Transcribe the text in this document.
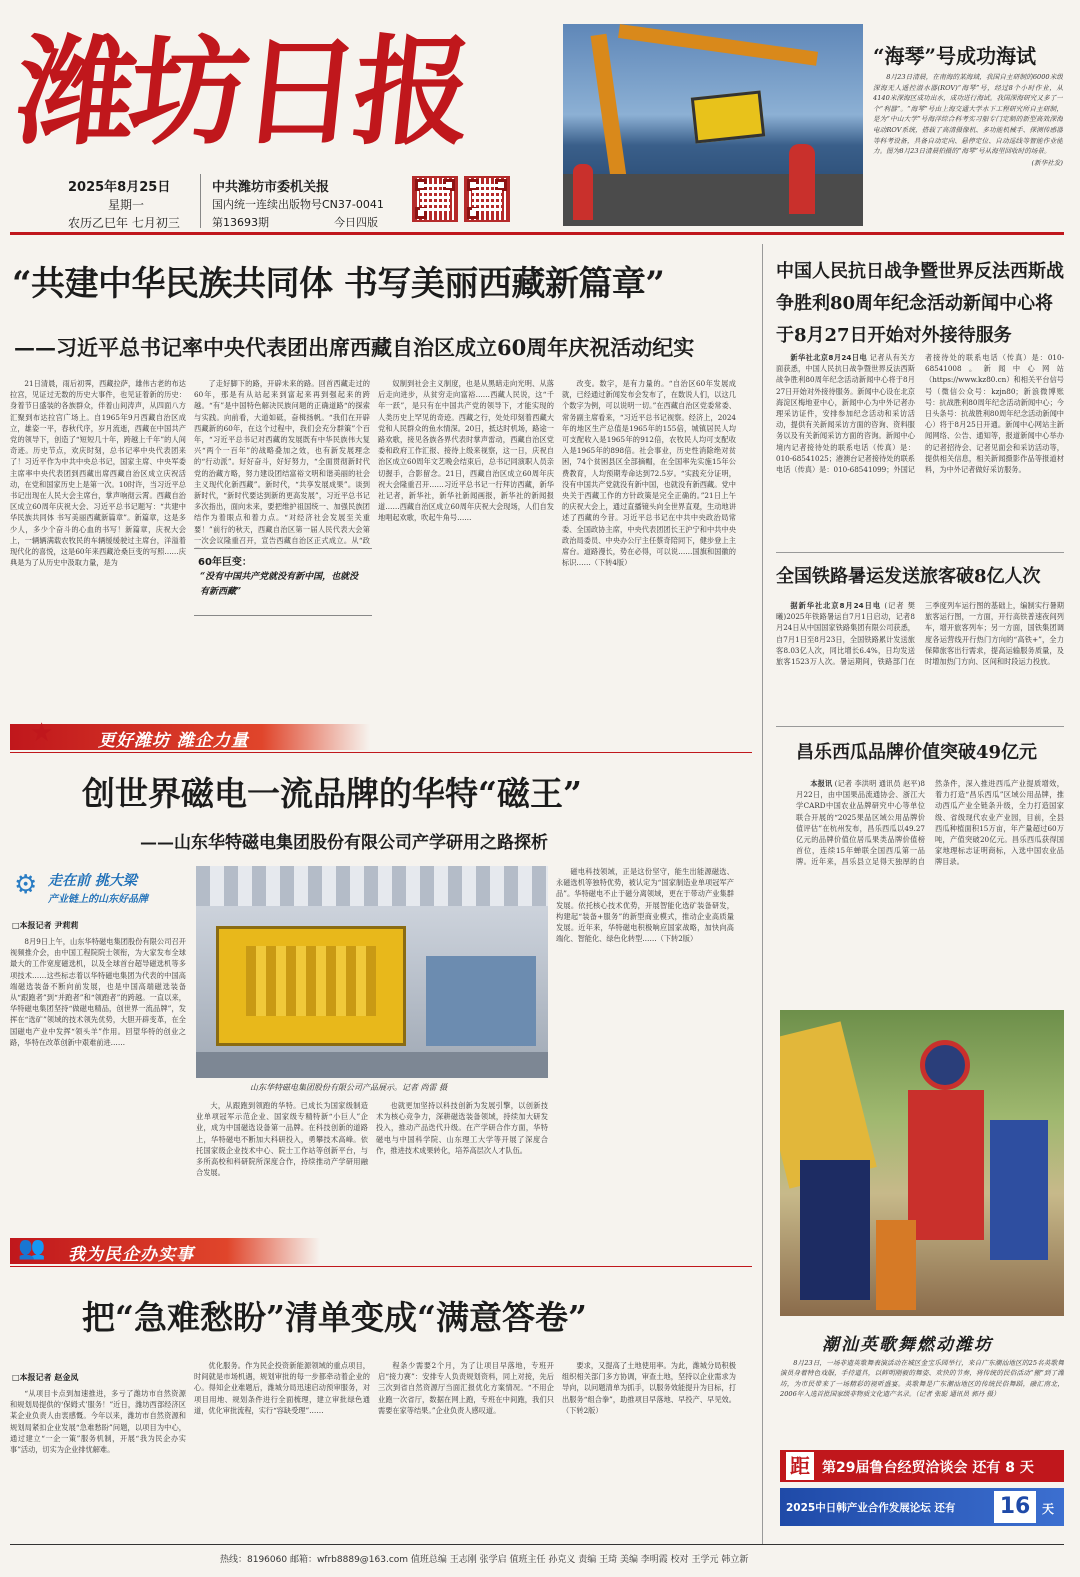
潍坊日报
2025年8月25日
星期一
农历乙巳年 七月初三
中共潍坊市委机关报
国内统一连续出版物号CN37-0041
第13693期	今日四版
“海琴”号成功海试

8月23日清晨，在南海的某海域，我国自主研制的6000米级深海无人遥控潜水器(ROV)“海琴”号，经过8个小时作业，从4140米深海区成功出水，成功进行海试。我国深海研究又多了一个“利器”。“海琴”号由上海交通大学水下工程研究所自主研制，是为“中山大学”号海洋综合科考实习船专门定制的新型高效深海电动ROV系统，搭载了高清摄像机、多功能机械手、探测传感器等科考设备，具备自动定向、悬停定位、自动巡线等智能作业能力。图为8月23日清晨拍摄的“海琴”号从海里回收时的场景。

(新华社发)

“共建中华民族共同体 书写美丽西藏新篇章”
——习近平总书记率中央代表团出席西藏自治区成立60周年庆祝活动纪实

21日清晨，雨后初霁，西藏拉萨，雄伟古老的布达拉宫，见证过无数的历史大事件，也见证着新的历史：身着节日盛装的各族群众，伴着山间涛声，从四面八方汇聚到布达拉宫广场上。自1965年9月西藏自治区成立，雄姿一平，春秋代序，岁月流逝，西藏在中国共产党的领导下，创造了“短短几十年，跨越上千年”的人间奇迹。历史节点，欢庆时刻，总书记率中央代表团来了！习近平作为中共中央总书记，国家主席、中央军委主席率中央代表团到西藏出席西藏自治区成立庆祝活动，在党和国家历史上是第一次。10时许，当习近平总书记出现在人民大会主席台，掌声响彻云霄。西藏自治区成立60周年庆祝大会、习近平总书记题写：“共建中华民族共同体 书写美丽西藏新篇章”。新篇章，这是多少人，多少个奋斗的心血的书写！新篇章，庆祝大会上，一辆辆满载农牧民的车辆缓缓驶过主席台，洋溢着现代化的喜悦，这是60年来西藏沧桑巨变的写照……庆典是为了从历史中汲取力量，是为

了走好脚下的路，开辟未来的路。回首西藏走过的60年，那是有从站起来到富起来再到强起来的跨越。“有”是中国特色解决民族问题的正确道路“的探索与实践。向前看，大道如砥，奋楫扬帆。“我们在开辟西藏新的60年，在这个过程中，我们会充分群策”个百年，“习近平总书记对西藏的发展既有中华民族伟大复兴“两个一百年”的战略叠加之效，也有新发展理念的“行动派”。好好奋斗，好好努力，“全面贯彻新时代党的治藏方略，努力建设团结富裕文明和谐美丽的社会主义现代化新西藏”。新时代，“共享发展成果”。谈到新时代，“新时代要达到新的更高发展”，习近平总书记多次指出，面向未来，要把维护祖国统一、加强民族团结作为着眼点和着力点。“对经济社会发展至关重要！”前行的秋天，西藏自治区第一届人民代表大会第一次会议隆重召开，宣告西藏自治区正式成立。从“政

60年巨变：
“没有中国共产党就没有新中国，也就没有新西藏”

奴制到社会主义制度，也是从黑暗走向光明、从落后走向进步，从贫穷走向富裕……西藏人民说，这“千年一跃”，是只有在中国共产党的领导下，才能实现的人类历史上罕见的奇迹。西藏之行，处处印刻着西藏大党和人民群众的鱼水情深。20日，抵达时机场，路途一路欢歌，接见各族各界代表时掌声雷动，西藏自治区党委和政府工作汇报、接待上级来视察，这一日，庆祝自治区成立60周年文艺晚会结束后，总书记同演职人员亲切握手，合影留念。21日，西藏自治区成立60周年庆祝大会隆重召开……习近平总书记一行拜访西藏，新华社记者，新华社，新华社新闻画报，新华社的新闻报道……西藏自治区成立60周年庆祝大会现场，人们自发地唱起欢歌，吹起牛角号……

改变。数字，是有力量的。“自治区60年发展成就，已经通过新闻发布会发布了，在数说人们，以这几个数字为例，可以说明一切。”在西藏自治区党委常委、常务副主席看来，“习近平总书记视察。经济上，2024年的地区生产总值是1965年的155倍，城镇居民人均可支配收入是1965年的912倍，农牧民人均可支配收入是1965年的898倍。社会事业，历史性消除绝对贫困，74个贫困县区全部摘帽，在全国率先实施15年公费教育，人均预期寿命达到72.5岁。“实践充分证明，没有中国共产党就没有新中国，也就没有新西藏。党中央关于西藏工作的方针政策是完全正确的。”21日上午的庆祝大会上，通过直播镜头向全世界直观，生动地讲述了西藏的今昔。习近平总书记在中共中央政治局常委、全国政协主席，中央代表团团长王沪宁和中共中央政治局委员、中央办公厅主任蔡奇陪同下，健步登上主席台。道路漫长，势在必得，可以说……国旗和国徽的标识……（下转4版）

中国人民抗日战争暨世界反法西斯战争胜利80周年纪念活动新闻中心将于8月27日开始对外接待服务

新华社北京8月24日电 记者从有关方面获悉，中国人民抗日战争暨世界反法西斯战争胜利80周年纪念活动新闻中心将于8月27日开始对外接待服务。新闻中心设在北京海淀区梅地亚中心，新闻中心为中外记者办理采访证件，安排参加纪念活动和采访活动，提供有关新闻采访方面的咨询、资料服务以及有关新闻采访方面的咨询。新闻中心境内记者接待处的联系电话（传真）是：010-68541025；港澳台记者接待处的联系电话（传真）是：010-68541099；外国记者接待处的联系电话（传真）是：010-68541008。新闻中心网站（https://www.kz80.cn）和相关平台信号号（微信公众号：kzjn80；新浪微博账号：抗战胜利80周年纪念活动新闻中心；今日头条号：抗战胜利80周年纪念活动新闻中心）将于8月25日开通。新闻中心网站主新闻网络、公告、通知等，报道新闻中心举办的记者招待会、记者见面会和采访活动等，提供相关信息，相关新闻摄影作品等报道材料，为中外记者做好采访服务。

全国铁路暑运发送旅客破8亿人次

据新华社北京8月24日电 (记者 樊曦)2025年铁路暑运自7月1日启动，记者8月24日从中国国家铁路集团有限公司获悉，自7月1日至8月23日，全国铁路累计发送旅客8.03亿人次，同比增长6.4%，日均发送旅客1523万人次。暑运期间，铁路部门在三季度列车运行图的基础上，编制实行暑期旅客运行图，一方面，开行高铁普速夜间列车，增开旅客列车；另一方面，国铁集团调度各运营线开行热门方向的“高铁+”，全力保障旅客出行需求，提高运输服务质量，及时增加热门方向、区间和时段运力投放。

昌乐西瓜品牌价值突破49亿元

本报讯 (记者 李洪明 通讯员 赵平)8月22日，由中国果品流通协会、浙江大学CARD中国农业品牌研究中心等单位联合开展的“2025果品区域公用品牌价值评估”在杭州发布，昌乐西瓜以49.27亿元的品牌价值位居瓜果类品牌价值榜首位，连续15年蝉联全国西瓜第一品牌。近年来，昌乐县立足得天独厚的自然条件，深入推进西瓜产业提质增效，着力打造“昌乐西瓜”区域公用品牌，推动西瓜产业全链条升级，全力打造国家级、省级现代农业产业园，目前，全县西瓜种植面积15万亩，年产量超过60万吨，产值突破20亿元。昌乐西瓜获得国家地理标志证明商标，入选中国农业品牌目录。

潮汕英歌舞燃动潍坊

8月23日，一场非遗英歌舞表演活动在城区金宝乐园举行，来自广东潮汕地区的25名英歌舞演员身着特色戏服，手持道具，以鲜明刚毅的舞姿、欢快的节奏，将传统的民俗活动“搬”到了潍坊，为市民带来了一场精彩的视听盛宴。英歌舞是广东潮汕地区的传统民俗舞蹈，融汇南北，2006年入选首批国家级非物质文化遗产名录。（记者 张聪 通讯员 郭丹 摄）

距 第29届鲁台经贸洽谈会 还有 8 天
2025中日韩产业合作发展论坛 还有 16 天
★	更好潍坊 潍企力量
创世界磁电一流品牌的华特“磁王”
——山东华特磁电集团股份有限公司产学研用之路探析
⚙ 走在前 挑大梁
产业链上的山东好品牌
□本报记者 尹莉莉

8月9日上午，山东华特磁电集团股份有限公司召开视频推介会，由中国工程院院士领衔，为大家发布全球最大的工作宽度磁选机，以及全球首台超导磁选机等多项技术……这些标志着以华特磁电集团为代表的中国高端磁选装备不断向前发展，也是中国高端磁选装备从“跟跑者”到“并跑者”和“领跑者”的跨越。一直以来，华特磁电集团坚持“做磁电精品，创世界一流品牌”，发挥在“选矿”领域的技术领先优势，大胆开辟变革，在全国磁电产业中发挥“领头羊”作用。回望华特的创业之路，华特在改革创新中艰难前进……

山东华特磁电集团股份有限公司产品展示。记者 尚雷 摄

磁电科技领域，正是这份坚守，能生出能源磁选、永磁选机等独特优势，被认定为“国家制造业单项冠军产品”。华特磁电不止于磁分离领域，更在于带动产业集群发展。依托核心技术优势，开展智能化选矿装备研发，构建起“装备+服务”的新型商业模式，推动企业高质量发展。近年来，华特磁电积极响应国家战略，加快向高端化、智能化、绿色化转型……（下转2版）

大，从跟跑到领跑的华特。已成长为国家级制造业单项冠军示范企业、国家级专精特新“小巨人”企业，成为中国磁选设备第一品牌。在科技创新的道路上，华特磁电不断加大科研投入，勇攀技术高峰。依托国家级企业技术中心、院士工作站等创新平台，与多所高校和科研院所深度合作，持续推动产学研用融合发展。

也就更加坚持以科技创新为发展引擎，以创新技术为核心竞争力，深耕磁选装备领域，持续加大研发投入，推动产品迭代升级。在产学研合作方面，华特磁电与中国科学院、山东理工大学等开展了深度合作，推进技术成果转化，培养高层次人才队伍。

👥 我为民企办实事
把“急难愁盼”清单变成“满意答卷”
□本报记者 赵金凤

“从项目卡点到加速推进，多亏了潍坊市自然资源和规划局提供的‘保姆式’服务！”近日，潍坊西部经济区某企业负责人由衷感慨。今年以来，潍坊市自然资源和规划局紧扣企业发展“急难愁盼”问题，以项目为中心，通过建立“一企一策”服务机制，开展“我为民企办实事”活动，切实为企业排忧解难。

优化服务。作为民企投资新能源领域的重点项目，时间就是市场机遇，规划审批的每一步都牵动着企业的心。得知企业难题后，潍城分局迅速启动预审服务，对项目用地、规划条件进行全面梳理，建立审批绿色通道，优化审批流程，实行“容缺受理”……

程条少需要2个月，为了让项目早落地，专班开启“接力赛”：安排专人负责规划资料，同上对接，先后三次到省自然资源厅当面汇报优化方案情况。“不用企业跑一次省厅，数据在网上跑，专班在中间跑，我们只需要在家等结果。”企业负责人感叹道。

要求，又提高了土地使用率。为此，潍城分局积极组织相关部门多方协调，审查土地，坚持以企业需求为导向，以问题清单为抓手，以服务效能提升为目标，打出服务“组合拳”，助推项目早落地、早投产、早见效。（下转2版）

热线：8196060 邮箱：wfrb8889@163.com 值班总编 王志刚 张学启 值班主任 孙克义 责编 王琦 美编 李明霞 校对 王学元 韩立新
